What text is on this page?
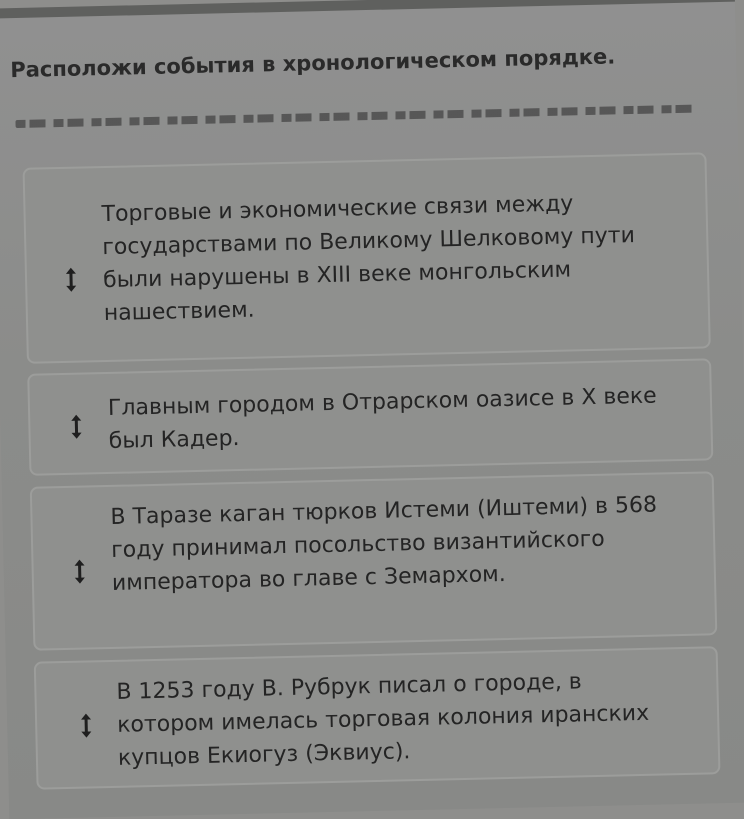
Расположи события в хронологическом порядке.
Торговые и экономические связи между государствами по Великому Шелковому пути были нарушены в XIII веке монгольским нашествием.
Главным городом в Отрарском оазисе в X веке был Кадер.
В Таразе каган тюрков Истеми (Иштеми) в 568 году принимал посольство византийского императора во главе с Земархом.
В 1253 году В. Рубрук писал о городе, в котором имелась торговая колония иранских купцов Екиогуз (Эквиус).
